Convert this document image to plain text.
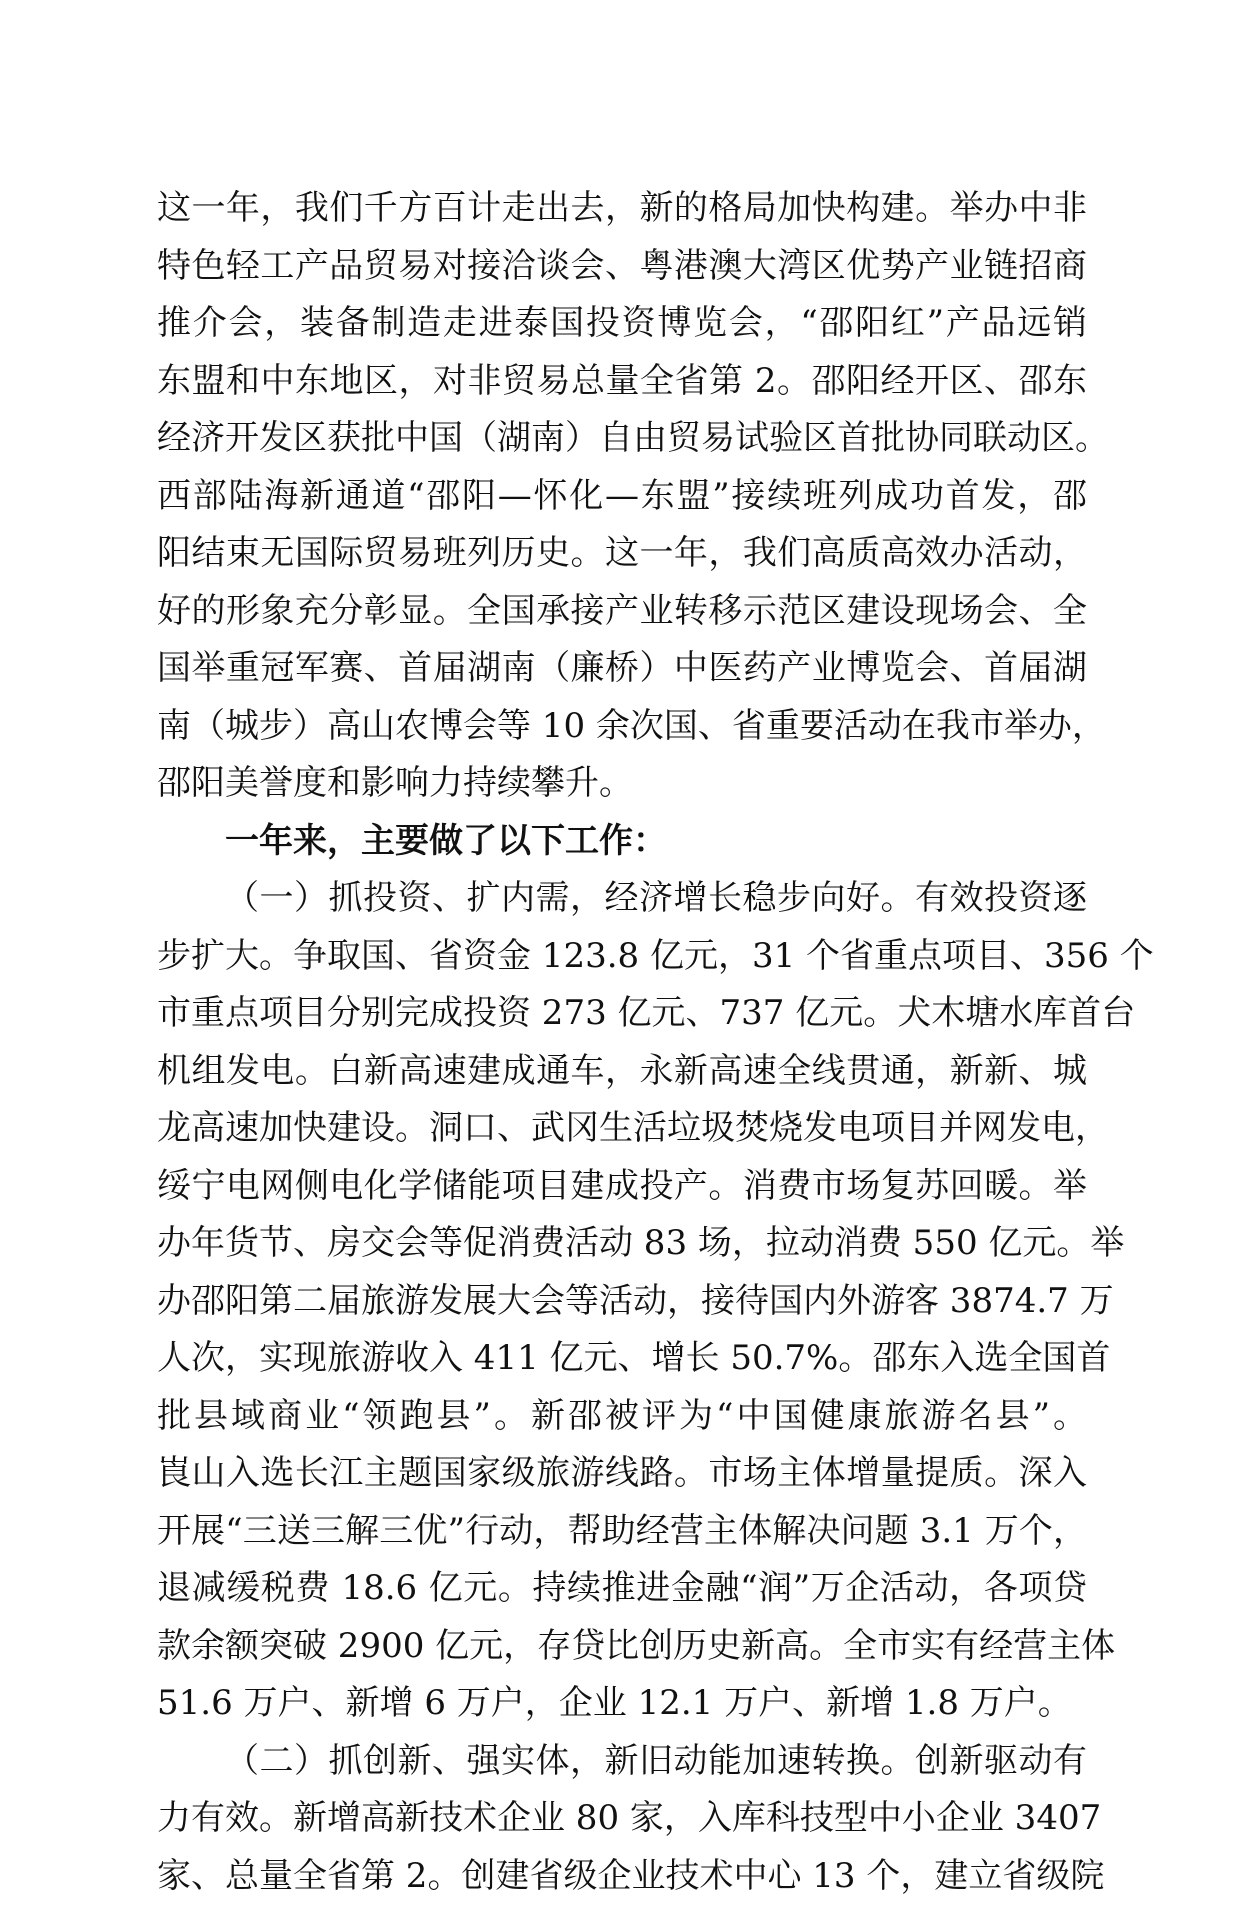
这一年，我们千方百计走出去，新的格局加快构建。举办中非
特色轻工产品贸易对接洽谈会、粤港澳大湾区优势产业链招商
推介会，装备制造走进泰国投资博览会，“邵阳红”产品远销
东盟和中东地区，对非贸易总量全省第 2。邵阳经开区、邵东
经济开发区获批中国（湖南）自由贸易试验区首批协同联动区。
西部陆海新通道“邵阳—怀化—东盟”接续班列成功首发，邵
阳结束无国际贸易班列历史。这一年，我们高质高效办活动，
好的形象充分彰显。全国承接产业转移示范区建设现场会、全
国举重冠军赛、首届湖南（廉桥）中医药产业博览会、首届湖
南（城步）高山农博会等 10 余次国、省重要活动在我市举办，
邵阳美誉度和影响力持续攀升。
一年来，主要做了以下工作：
（一）抓投资、扩内需，经济增长稳步向好。有效投资逐
步扩大。争取国、省资金 123.8 亿元，31 个省重点项目、356 个
市重点项目分别完成投资 273 亿元、737 亿元。犬木塘水库首台
机组发电。白新高速建成通车，永新高速全线贯通，新新、城
龙高速加快建设。洞口、武冈生活垃圾焚烧发电项目并网发电，
绥宁电网侧电化学储能项目建成投产。消费市场复苏回暖。举
办年货节、房交会等促消费活动 83 场，拉动消费 550 亿元。举
办邵阳第二届旅游发展大会等活动，接待国内外游客 3874.7 万
人次，实现旅游收入 411 亿元、增长 50.7%。邵东入选全国首
批县域商业“领跑县”。新邵被评为“中国健康旅游名县”。
崀山入选长江主题国家级旅游线路。市场主体增量提质。深入
开展“三送三解三优”行动，帮助经营主体解决问题 3.1 万个，
退减缓税费 18.6 亿元。持续推进金融“润”万企活动，各项贷
款余额突破 2900 亿元，存贷比创历史新高。全市实有经营主体
51.6 万户、新增 6 万户，企业 12.1 万户、新增 1.8 万户。
（二）抓创新、强实体，新旧动能加速转换。创新驱动有
力有效。新增高新技术企业 80 家，入库科技型中小企业 3407
家、总量全省第 2。创建省级企业技术中心 13 个，建立省级院
